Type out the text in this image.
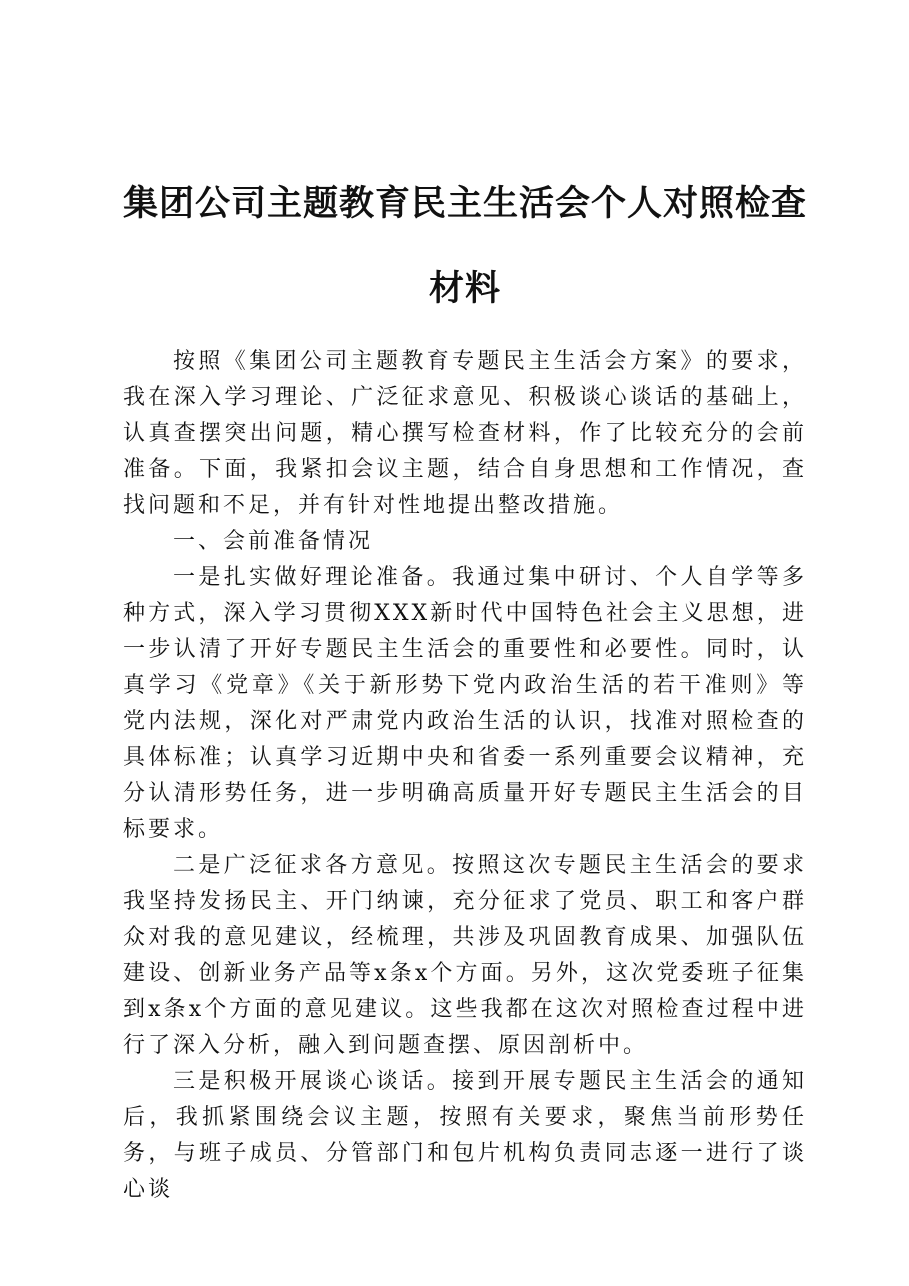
集团公司主题教育民主生活会个人对照检查材料

按照《集团公司主题教育专题民主生活会方案》的要求，我在深入学习理论、广泛征求意见、积极谈心谈话的基础上，认真查摆突出问题，精心撰写检查材料，作了比较充分的会前准备。下面，我紧扣会议主题，结合自身思想和工作情况，查找问题和不足，并有针对性地提出整改措施。

一、会前准备情况

一是扎实做好理论准备。我通过集中研讨、个人自学等多种方式，深入学习贯彻XXX新时代中国特色社会主义思想，进一步认清了开好专题民主生活会的重要性和必要性。同时，认真学习《党章》《关于新形势下党内政治生活的若干准则》等党内法规，深化对严肃党内政治生活的认识，找准对照检查的具体标准；认真学习近期中央和省委一系列重要会议精神，充分认清形势任务，进一步明确高质量开好专题民主生活会的目标要求。

二是广泛征求各方意见。按照这次专题民主生活会的要求我坚持发扬民主、开门纳谏，充分征求了党员、职工和客户群众对我的意见建议，经梳理，共涉及巩固教育成果、加强队伍建设、创新业务产品等x条x个方面。另外，这次党委班子征集到x条x个方面的意见建议。这些我都在这次对照检查过程中进行了深入分析，融入到问题查摆、原因剖析中。

三是积极开展谈心谈话。接到开展专题民主生活会的通知后，我抓紧围绕会议主题，按照有关要求，聚焦当前形势任务，与班子成员、分管部门和包片机构负责同志逐一进行了谈心谈
